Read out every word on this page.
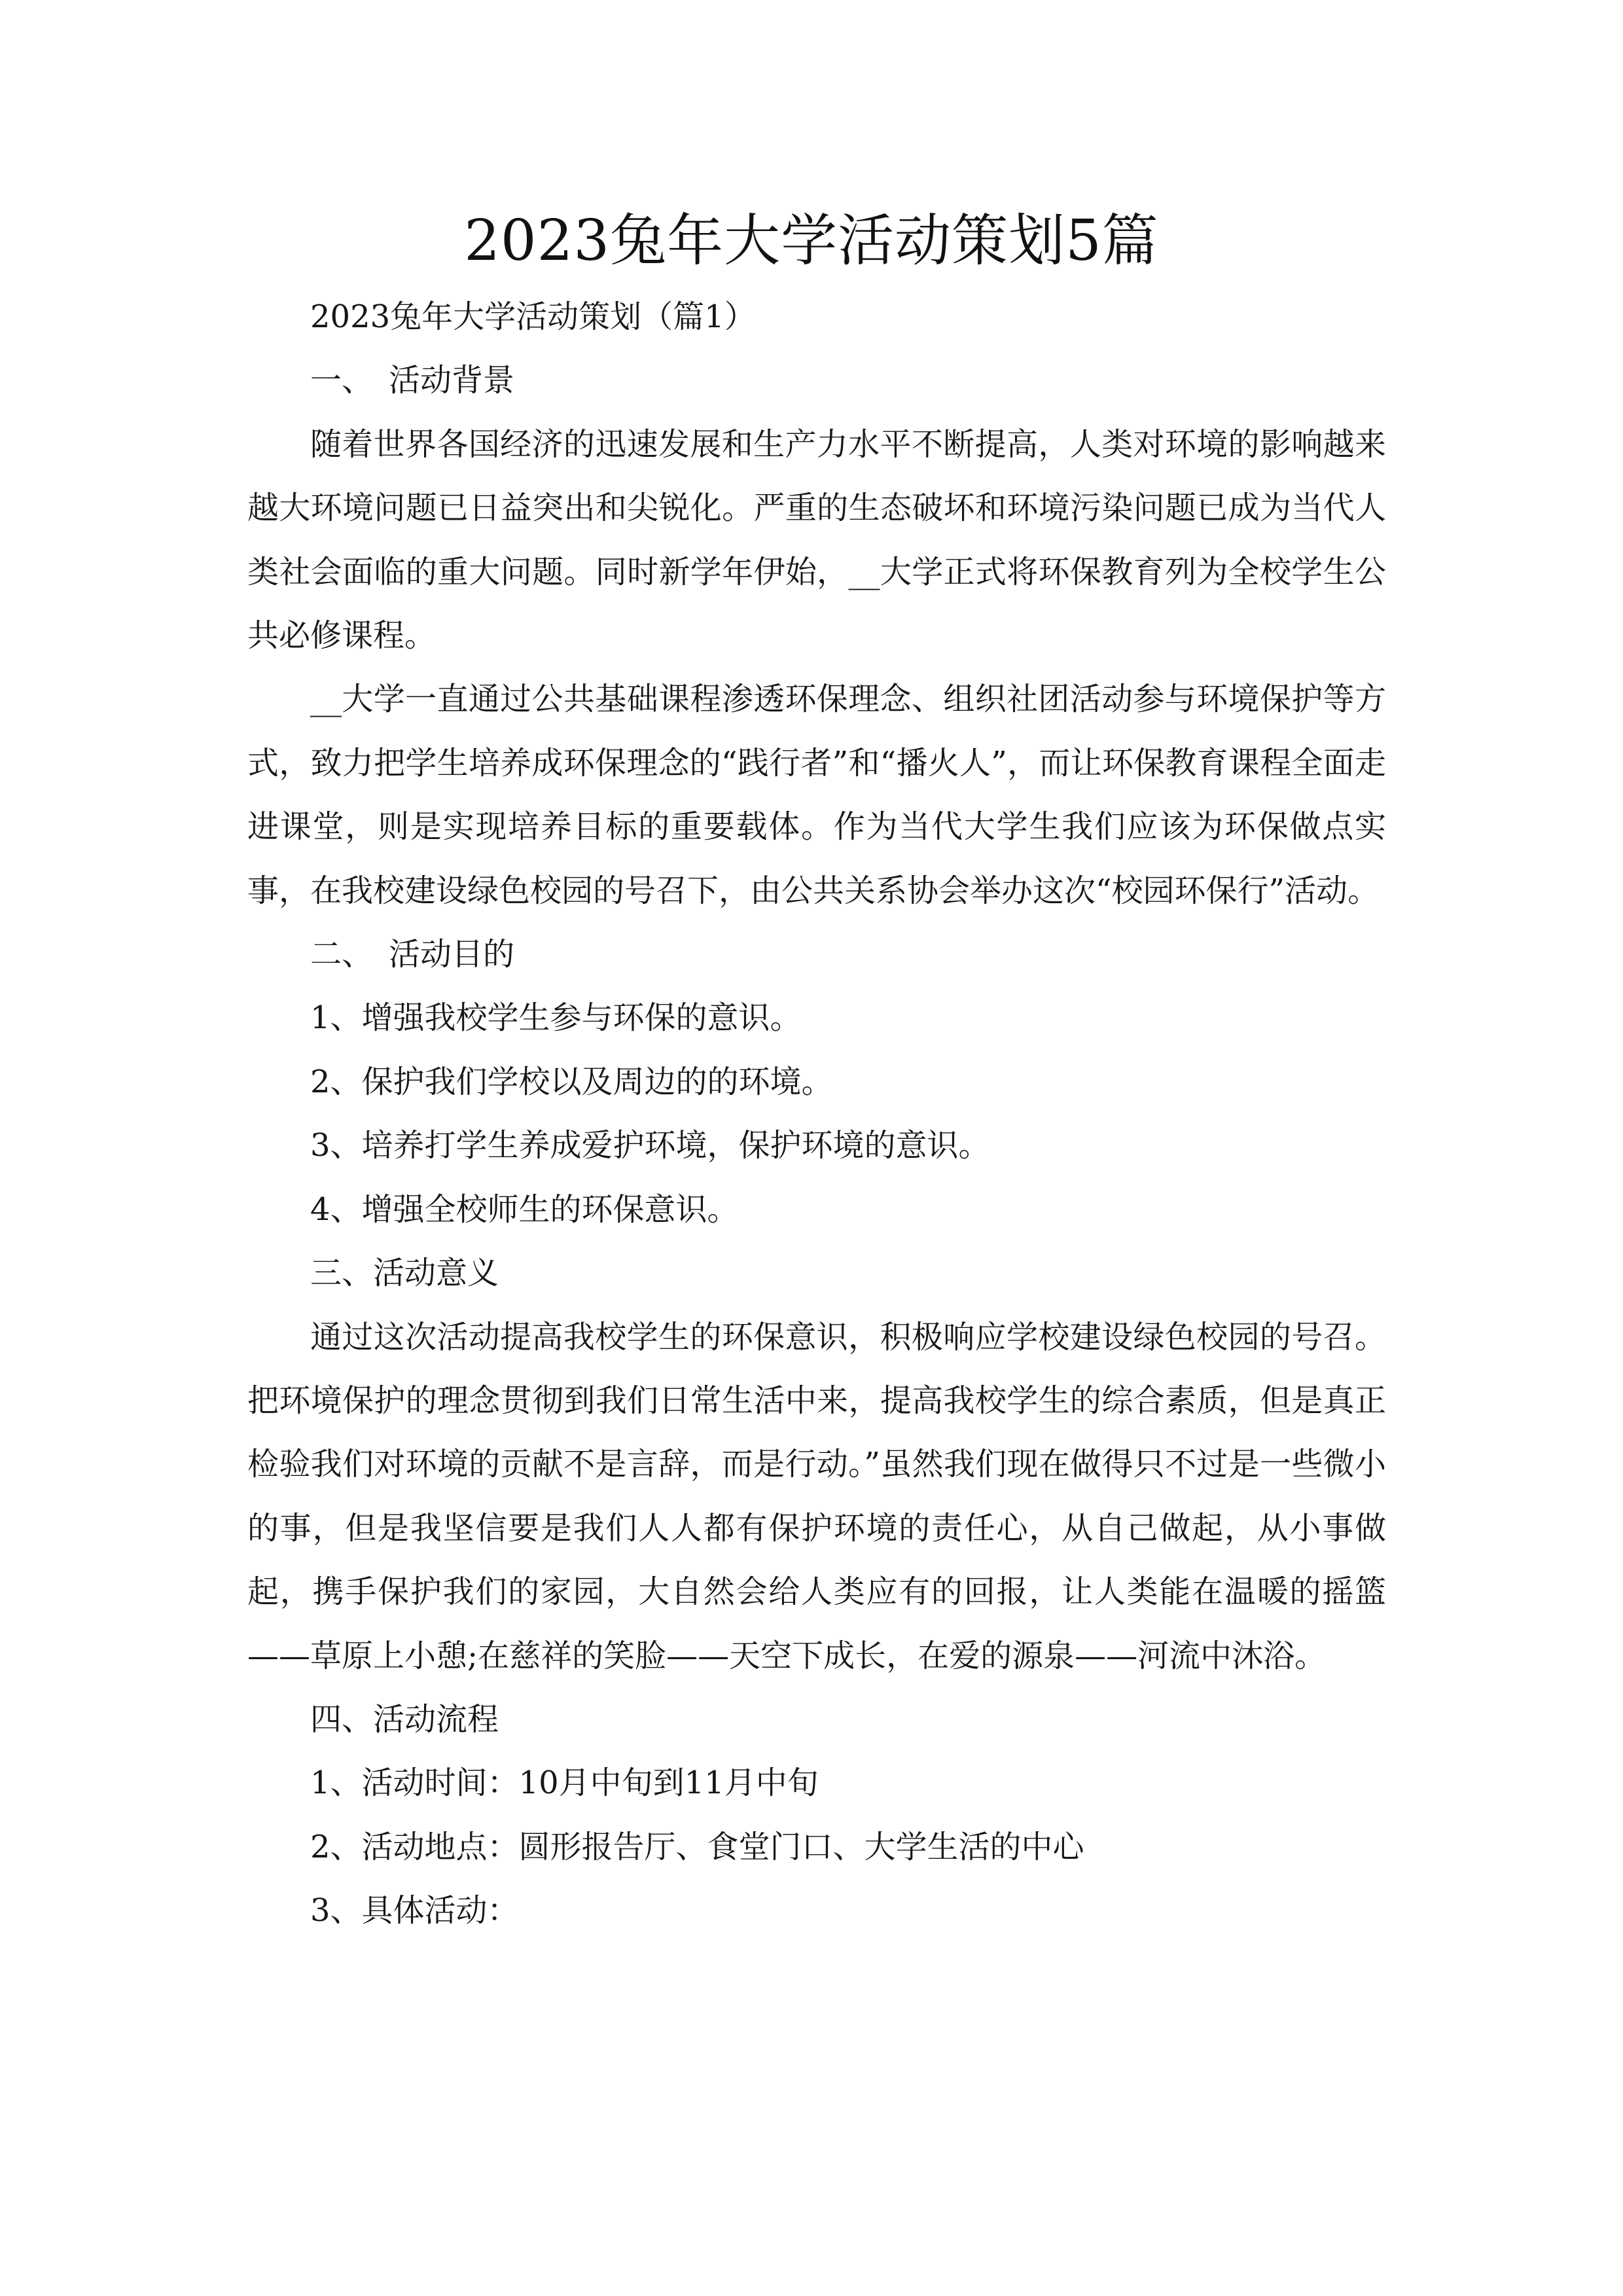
2023兔年大学活动策划5篇

2023兔年大学活动策划（篇1）

一、　活动背景

随着世界各国经济的迅速发展和生产力水平不断提高，人类对环境的影响越来越大环境问题已日益突出和尖锐化。严重的生态破坏和环境污染问题已成为当代人类社会面临的重大问题。同时新学年伊始，__大学正式将环保教育列为全校学生公共必修课程。

__大学一直通过公共基础课程渗透环保理念、组织社团活动参与环境保护等方式，致力把学生培养成环保理念的“践行者”和“播火人”，而让环保教育课程全面走进课堂，则是实现培养目标的重要载体。作为当代大学生我们应该为环保做点实事，在我校建设绿色校园的号召下，由公共关系协会举办这次“校园环保行”活动。

二、　活动目的

1、增强我校学生参与环保的意识。

2、保护我们学校以及周边的的环境。

3、培养打学生养成爱护环境，保护环境的意识。

4、增强全校师生的环保意识。

三、活动意义

通过这次活动提高我校学生的环保意识，积极响应学校建设绿色校园的号召。把环境保护的理念贯彻到我们日常生活中来，提高我校学生的综合素质，但是真正检验我们对环境的贡献不是言辞，而是行动。”虽然我们现在做得只不过是一些微小的事，但是我坚信要是我们人人都有保护环境的责任心，从自己做起，从小事做起，携手保护我们的家园，大自然会给人类应有的回报，让人类能在温暖的摇篮——草原上小憩;在慈祥的笑脸——天空下成长，在爱的源泉——河流中沐浴。

四、活动流程

1、活动时间：10月中旬到11月中旬

2、活动地点：圆形报告厅、食堂门口、大学生活的中心

3、具体活动：
